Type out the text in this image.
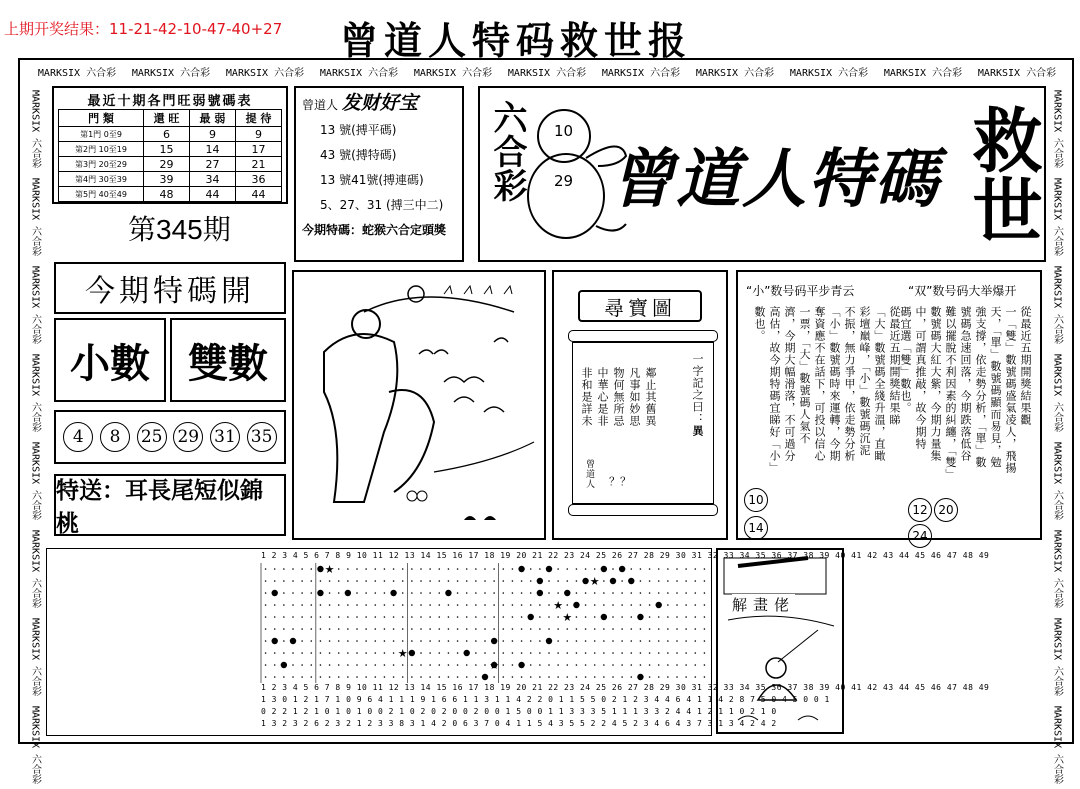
上期开奖结果：11-21-42-10-47-40+27 曾道人特码救世报
MARKSIX 六合彩	MARKSIX 六合彩	MARKSIX 六合彩	MARKSIX 六合彩	MARKSIX 六合彩	MARKSIX 六合彩	MARKSIX 六合彩	MARKSIX 六合彩	MARKSIX 六合彩	MARKSIX 六合彩	MARKSIX 六合彩
MARKSIX 六合彩
MARKSIX 六合彩
MARKSIX 六合彩
MARKSIX 六合彩
MARKSIX 六合彩
MARKSIX 六合彩
MARKSIX 六合彩
MARKSIX 六合彩
MARKSIX 六合彩
MARKSIX 六合彩
MARKSIX 六合彩
MARKSIX 六合彩
MARKSIX 六合彩
MARKSIX 六合彩
MARKSIX 六合彩
MARKSIX 六合彩
最近十期各門旺弱號碼表
門 類	還 旺	最 弱	提 待
第1門 0至9	6	9	9
第2門 10至19	15	14	17
第3門 20至29	29	27	21
第4門 30至39	39	34	36
第5門 40至49	48	44	44
第345期
曾道人 发财好宝
13 號(搏平碼)
43 號(搏特碼)
13 號41號(搏連碼)
5、27、31 (搏三中二)
今期特碼：蛇猴六合定頭獎
六合彩 10
29 曾道人特碼 救世
今期特碼開
小數 雙數
4	8	25 29 31 35
特送：耳長尾短似錦桃
尋寶圖
一字記之曰：異
鄰止其舊異
凡事如妙思
物何無所忌
中華心是非
非和是詳未
？？
曾道人
“小”数号码平步青云	“双”数号码大举爆开
從最近五期開獎結果觀
一「雙」數號碼盛氣凌人，飛揚
天，「單」數號碼顯而易見，勉
強支撐，依走勢分析，「單」數
號碼急速回落，今期跌落低谷
難以擺脫不利因素的糾纏，「雙」
數號碼大紅大紫，今期力量集
中，可謂真推敲，故今期特
碼宜選「雙」數也。
從最近五期開獎結果睇
「大」數號碼全綫升溫，直瞰
彩壇巔峰，「小」數號碼沉泥
不振，無力爭甲，依走勢分析
「小」數號碼時來運轉，今期
奪資應不在話下，可投以信心
一票，「大」數號碼人氣不
濟，今期大幅滑落，不可過分
高估，故今期特碼宜睇好「小」
數也。
10
14
12 20
24
1 2 3 4 5 6 7 8 9 10 11 12 13 14 15 16 17 18 19 20 21 22 23 24 25 26 27 28 29 30 31 32 33 34 35 36 37 38 39 40 41 42 43 44 45 46 47 48 49
★
★
★
★
★
★
1 2 3 4 5 6 7 8 9 10 11 12 13 14 15 16 17 18 19 20 21 22 23 24 25 26 27 28 29 30 31 32 33 34 35 36 37 38 39 40 41 42 43 44 45 46 47 48 49
1 3 0 1 2 1 7 1 0 9 6 4 1 1 1 9 1 6 6 1 1 3 1 1 4 2 2 0 1 1 5 5 0 2 1 2 3 4 4 6 4 1 1 4 2 8 7 5 0 4 5 0 0 1
0 2 2 1 2 1 0 1 0 1 0 0 2 1 0 2 0 2 0 0 2 0 0 1 5 0 0 1 1 3 3 3 5 1 1 1 3 3 2 4 4 1 2 1 1 0 2 1 0
1 3 2 3 2 6 2 3 2 1 2 3 3 8 3 1 4 2 0 6 3 7 0 4 1 1 5 4 3 5 5 2 2 4 5 2 3 4 6 4 3 7 3 1 3 4 2 4 2
解畫佬
